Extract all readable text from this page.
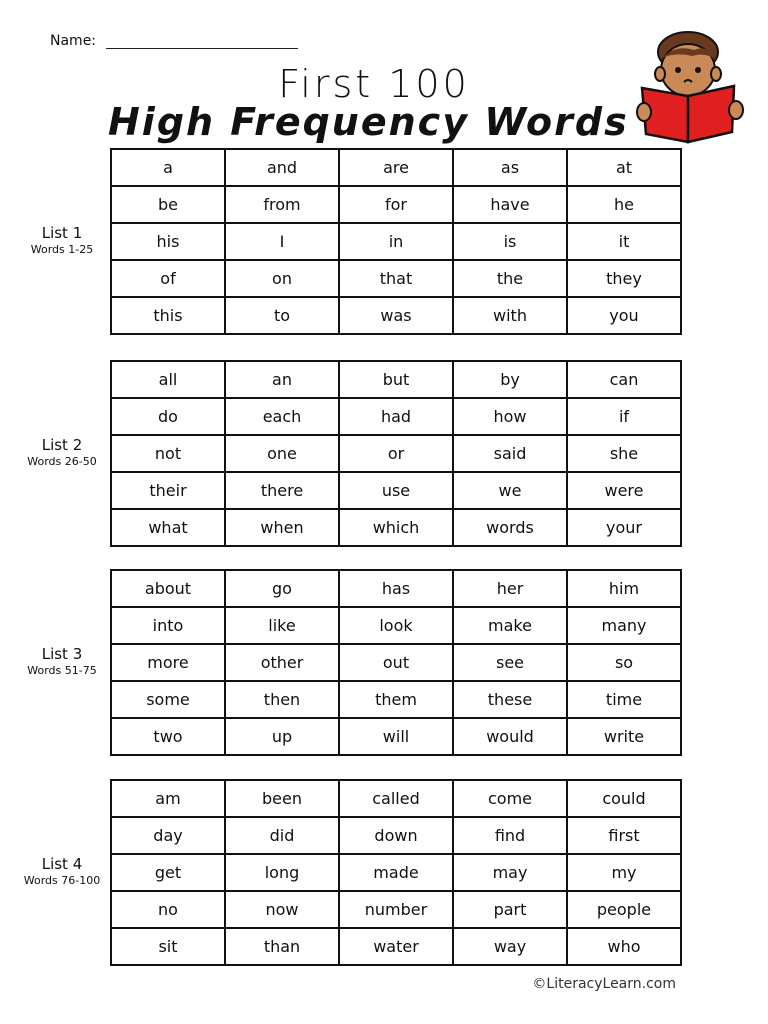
Name:
First 100
High Frequency Words
List 1
Words 1-25
a	and	are	as	at
be	from	for	have	he
his	I	in	is	it
of	on	that	the	they
this	to	was	with	you
List 2
Words 26-50
all	an	but	by	can
do	each	had	how	if
not	one	or	said	she
their	there	use	we	were
what	when	which	words	your
List 3
Words 51-75
about	go	has	her	him
into	like	look	make	many
more	other	out	see	so
some	then	them	these	time
two	up	will	would	write
List 4
Words 76-100
am	been	called	come	could
day	did	down	find	first
get	long	made	may	my
no	now	number	part	people
sit	than	water	way	who
©LiteracyLearn.com
